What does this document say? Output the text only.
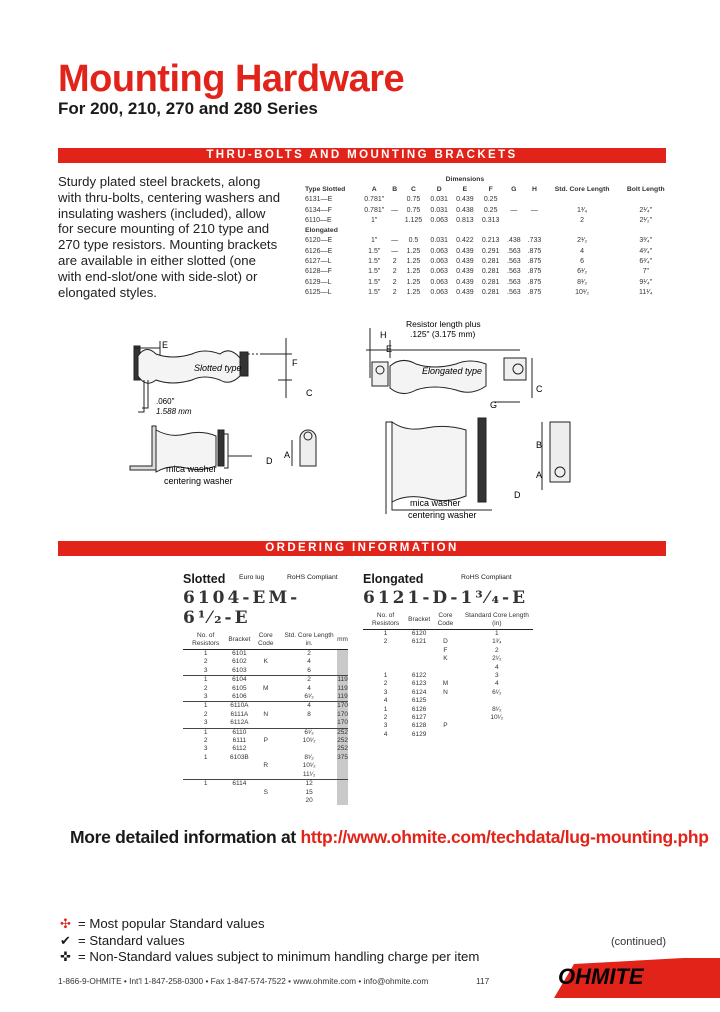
Mounting Hardware
For 200, 210, 270 and 280 Series
THRU-BOLTS AND MOUNTING BRACKETS
Sturdy plated steel brackets, along with thru-bolts, centering washers and insulating washers (included), allow for secure mounting of 210 type and 270 type resistors. Mounting brackets are available in either slotted (one with end-slot/one with side-slot) or elongated styles.
				Dimensions						
Type Slotted	A	B	C	D	E	F	G	H	Std. Core Length	Bolt Length
6131—E	0.781"		0.75	0.031	0.439	0.25				
6134—F	0.781"	—	0.75	0.031	0.438	0.25	—	—	1³⁄₄	2¹⁄₄"
6110—E	1"		1.125	0.063	0.813	0.313			2	2¹⁄₂"
Elongated										
6120—E	1"	—	0.5	0.031	0.422	0.213	.438	.733	2¹⁄₂	3³⁄₄"
6126—E	1.5"	—	1.25	0.063	0.439	0.291	.563	.875	4	4³⁄₄"
6127—L	1.5"	2	1.25	0.063	0.439	0.281	.563	.875	6	6³⁄₄"
6128—F	1.5"	2	1.25	0.063	0.439	0.281	.563	.875	6¹⁄₂	7"
6129—L	1.5"	2	1.25	0.063	0.439	0.281	.563	.875	8¹⁄₂	9¹⁄₄"
6125—L	1.5"	2	1.25	0.063	0.439	0.281	.563	.875	10¹⁄₂	11¹⁄₄
Slotted type
E
F
C
.060"
1.588 mm
A
D
mica washer
centering washer
Resistor length plus
.125" (3.175 mm)
H
E
Elongated type
C
G
B
A
D
mica washer
centering washer
ORDERING INFORMATION
Slotted Euro lug	RoHS Compliant
6104-EM-6¹⁄₂-E
No. of Resistors	Bracket	Core Code	Std. Core Length in.	mm
1	6101		2	
2	6102	K	4	
3	6103		6	
1	6104		2	119
2	6105	M	4	119
3	6106		6¹⁄₂	119
1	6110A		4	170
2	6111A	N	8	170
3	6112A			170
1	6110		6¹⁄₂	252
2	6111	P	10¹⁄₂	252
3	6112			252
1	6103B		8¹⁄₂	375
		R	10¹⁄₂	
			11¹⁄₂	
1	6114		12	
		S	15	
			20	
Elongated	RoHS Compliant
6121-D-1³⁄₄-E
No. of Resistors	Bracket	Core Code	Standard Core Length (in)
1	6120		1
2	6121	D	1³⁄₄
		F	2
		K	2¹⁄₂
			4
1	6122		3
2	6123	M	4
3	6124	N	6¹⁄₂
4	6125		
1	6126		8¹⁄₂
2	6127		10¹⁄₂
3	6128	P	
4	6129		
More detailed information at http://www.ohmite.com/techdata/lug-mounting.php
✣ = Most popular Standard values
✔ = Standard values
✜ = Non-Standard values subject to minimum handling charge per item
(continued)
1-866-9-OHMITE • Int'l 1-847-258-0300 • Fax 1-847-574-7522 • www.ohmite.com • info@ohmite.com	117	OHMITE
